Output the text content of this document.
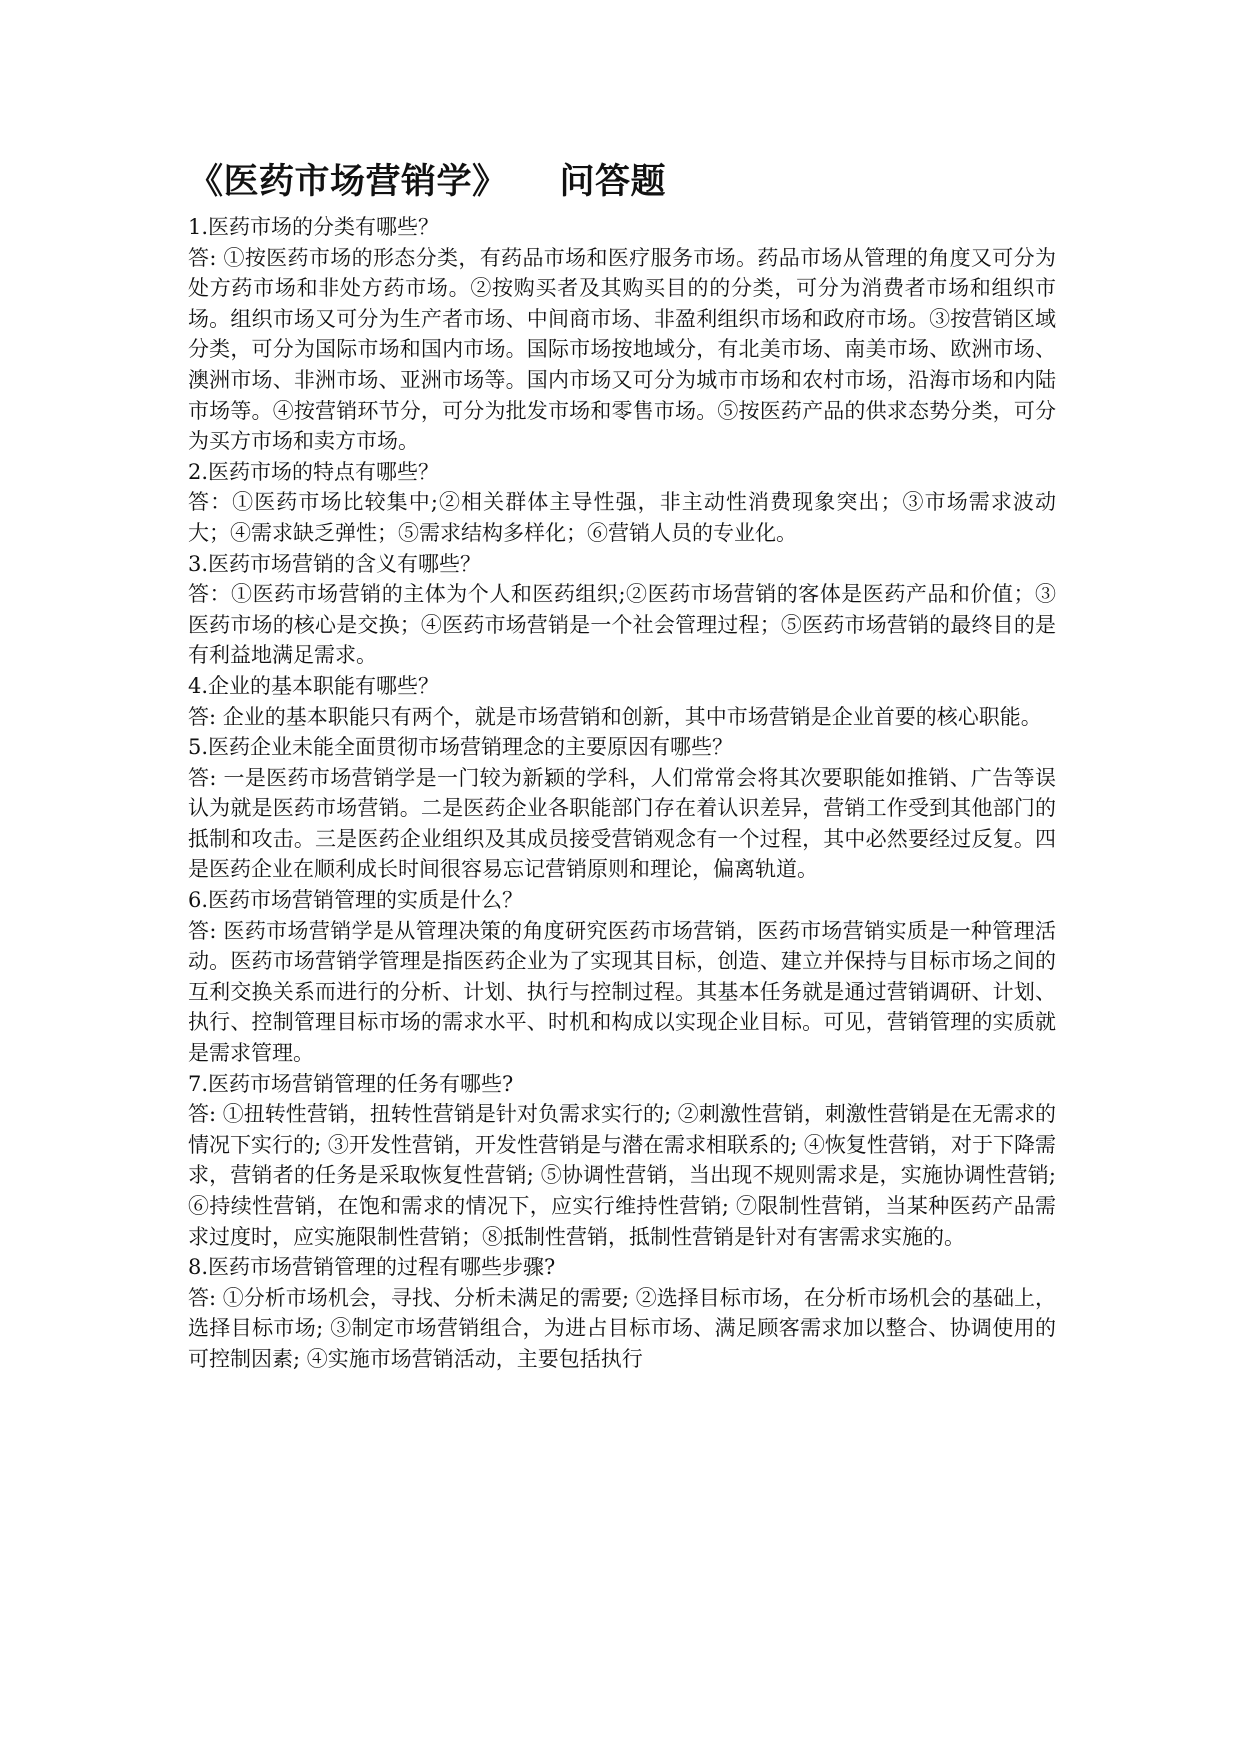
《医药市场营销学》 问答题

1.医药市场的分类有哪些？

答: ①按医药市场的形态分类，有药品市场和医疗服务市场。药品市场从管理的角度又可分为处方药市场和非处方药市场。②按购买者及其购买目的的分类，可分为消费者市场和组织市场。组织市场又可分为生产者市场、中间商市场、非盈利组织市场和政府市场。③按营销区域分类，可分为国际市场和国内市场。国际市场按地域分，有北美市场、南美市场、欧洲市场、澳洲市场、非洲市场、亚洲市场等。国内市场又可分为城市市场和农村市场，沿海市场和内陆市场等。④按营销环节分，可分为批发市场和零售市场。⑤按医药产品的供求态势分类，可分为买方市场和卖方市场。

2.医药市场的特点有哪些？

答：①医药市场比较集中;②相关群体主导性强，非主动性消费现象突出；③市场需求波动大；④需求缺乏弹性；⑤需求结构多样化；⑥营销人员的专业化。

3.医药市场营销的含义有哪些？

答：①医药市场营销的主体为个人和医药组织;②医药市场营销的客体是医药产品和价值；③医药市场的核心是交换；④医药市场营销是一个社会管理过程；⑤医药市场营销的最终目的是有利益地满足需求。

4.企业的基本职能有哪些？

答: 企业的基本职能只有两个，就是市场营销和创新，其中市场营销是企业首要的核心职能。

5.医药企业未能全面贯彻市场营销理念的主要原因有哪些？

答: 一是医药市场营销学是一门较为新颖的学科，人们常常会将其次要职能如推销、广告等误认为就是医药市场营销。二是医药企业各职能部门存在着认识差异，营销工作受到其他部门的抵制和攻击。三是医药企业组织及其成员接受营销观念有一个过程，其中必然要经过反复。四是医药企业在顺利成长时间很容易忘记营销原则和理论，偏离轨道。

6.医药市场营销管理的实质是什么？

答: 医药市场营销学是从管理决策的角度研究医药市场营销，医药市场营销实质是一种管理活动。医药市场营销学管理是指医药企业为了实现其目标，创造、建立并保持与目标市场之间的互利交换关系而进行的分析、计划、执行与控制过程。其基本任务就是通过营销调研、计划、执行、控制管理目标市场的需求水平、时机和构成以实现企业目标。可见，营销管理的实质就是需求管理。

7.医药市场营销管理的任务有哪些?

答: ①扭转性营销，扭转性营销是针对负需求实行的; ②刺激性营销，刺激性营销是在无需求的情况下实行的; ③开发性营销，开发性营销是与潜在需求相联系的; ④恢复性营销，对于下降需求，营销者的任务是采取恢复性营销; ⑤协调性营销，当出现不规则需求是，实施协调性营销; ⑥持续性营销，在饱和需求的情况下，应实行维持性营销; ⑦限制性营销，当某种医药产品需求过度时，应实施限制性营销；⑧抵制性营销，抵制性营销是针对有害需求实施的。

8.医药市场营销管理的过程有哪些步骤?

答: ①分析市场机会，寻找、分析未满足的需要; ②选择目标市场，在分析市场机会的基础上，选择目标市场; ③制定市场营销组合，为进占目标市场、满足顾客需求加以整合、协调使用的可控制因素; ④实施市场营销活动，主要包括执行
